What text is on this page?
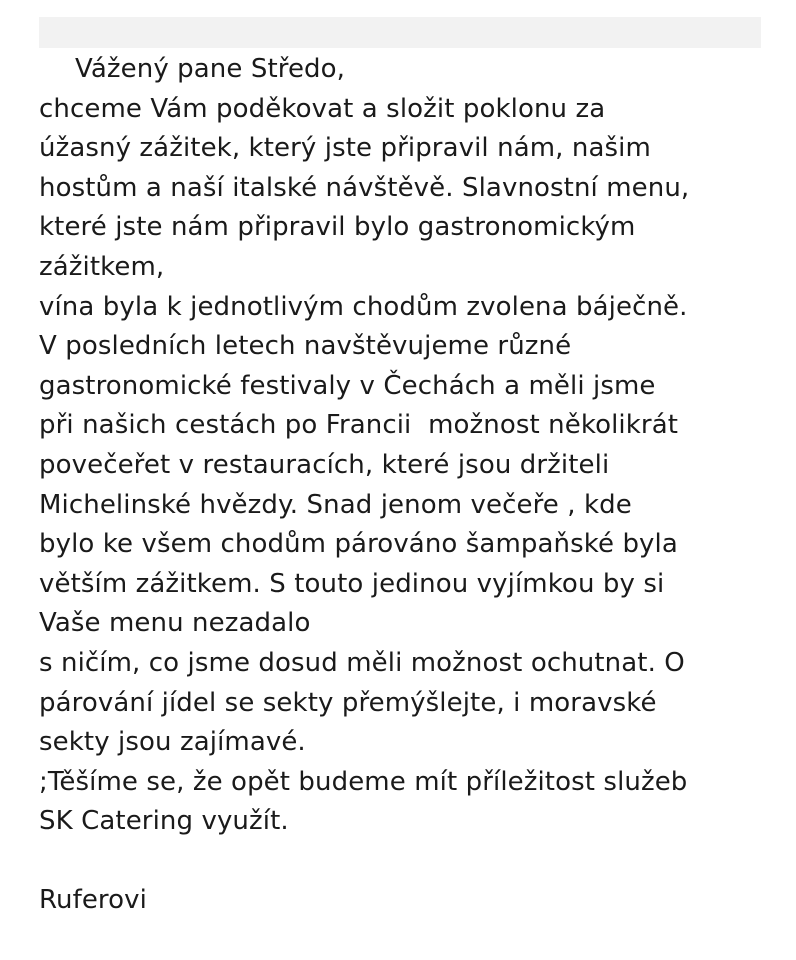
Vážený pane Středo,
chceme Vám poděkovat a složit poklonu za
úžasný zážitek, který jste připravil nám, našim
hostům a naší italské návštěvě. Slavnostní menu,
které jste nám připravil bylo gastronomickým
zážitkem,
vína byla k jednotlivým chodům zvolena báječně.
V posledních letech navštěvujeme různé
gastronomické festivaly v Čechách a měli jsme
při našich cestách po Francii  možnost několikrát
povečeřet v restauracích, které jsou držiteli
Michelinské hvězdy. Snad jenom večeře , kde
bylo ke všem chodům párováno šampaňské byla
větším zážitkem. S touto jedinou vyjímkou by si
Vaše menu nezadalo
s ničím, co jsme dosud měli možnost ochutnat. O
párování jídel se sekty přemýšlejte, i moravské
sekty jsou zajímavé.
;Těšíme se, že opět budeme mít příležitost služeb
SK Catering využít.
Ruferovi
